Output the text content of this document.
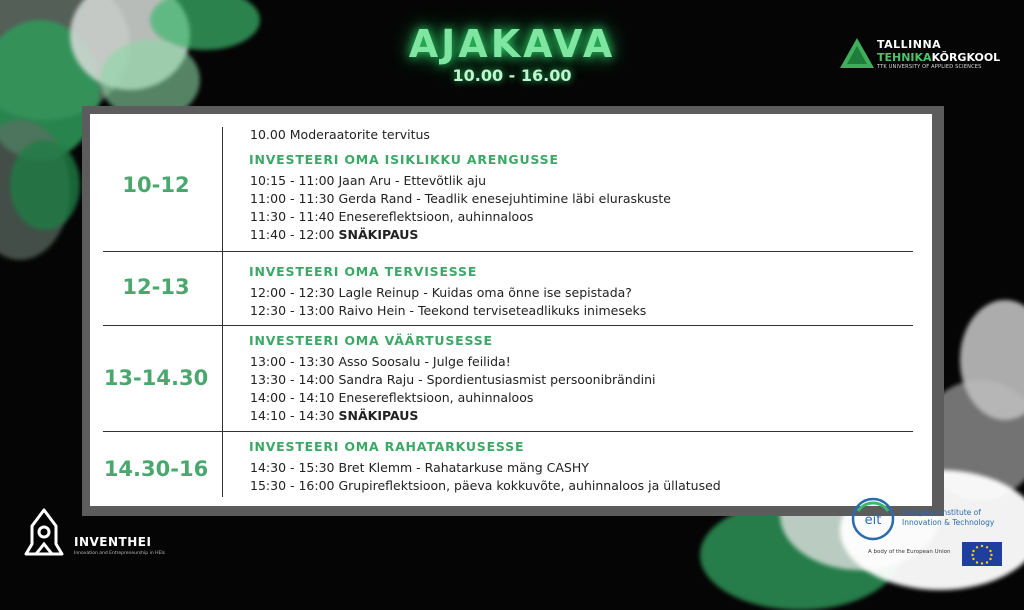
AJAKAVA
10.00 - 16.00
TALLINNA
TEHNIKAKÕRGKOOL
TTK UNIVERSITY OF APPLIED SCIENCES
10.00 Moderaatorite tervitus
10-12
INVESTEERI OMA ISIKLIKKU ARENGUSSE
10:15 - 11:00 Jaan Aru - Ettevõtlik aju
11:00 - 11:30 Gerda Rand - Teadlik enesejuhtimine läbi eluraskuste
11:30 - 11:40 Enesereflektsioon, auhinnaloos
11:40 - 12:00 SNÄKIPAUS
12-13
INVESTEERI OMA TERVISESSE
12:00 - 12:30 Lagle Reinup - Kuidas oma õnne ise sepistada?
12:30 - 13:00 Raivo Hein - Teekond terviseteadlikuks inimeseks
13-14.30
INVESTEERI OMA VÄÄRTUSESSE
13:00 - 13:30 Asso Soosalu - Julge feilida!
13:30 - 14:00 Sandra Raju - Spordientusiasmist persoonibrändini
14:00 - 14:10 Enesereflektsioon, auhinnaloos
14:10 - 14:30 SNÄKIPAUS
14.30-16
INVESTEERI OMA RAHATARKUSESSE
14:30 - 15:30 Bret Klemm - Rahatarkuse mäng CASHY
15:30 - 16:00 Grupireflektsioon, päeva kokkuvõte, auhinnaloos ja üllatused
INVENTHEI
Innovation and Entrepreneurship in HEIs
eit
European Institute of
Innovation & Technology
A body of the European Union
